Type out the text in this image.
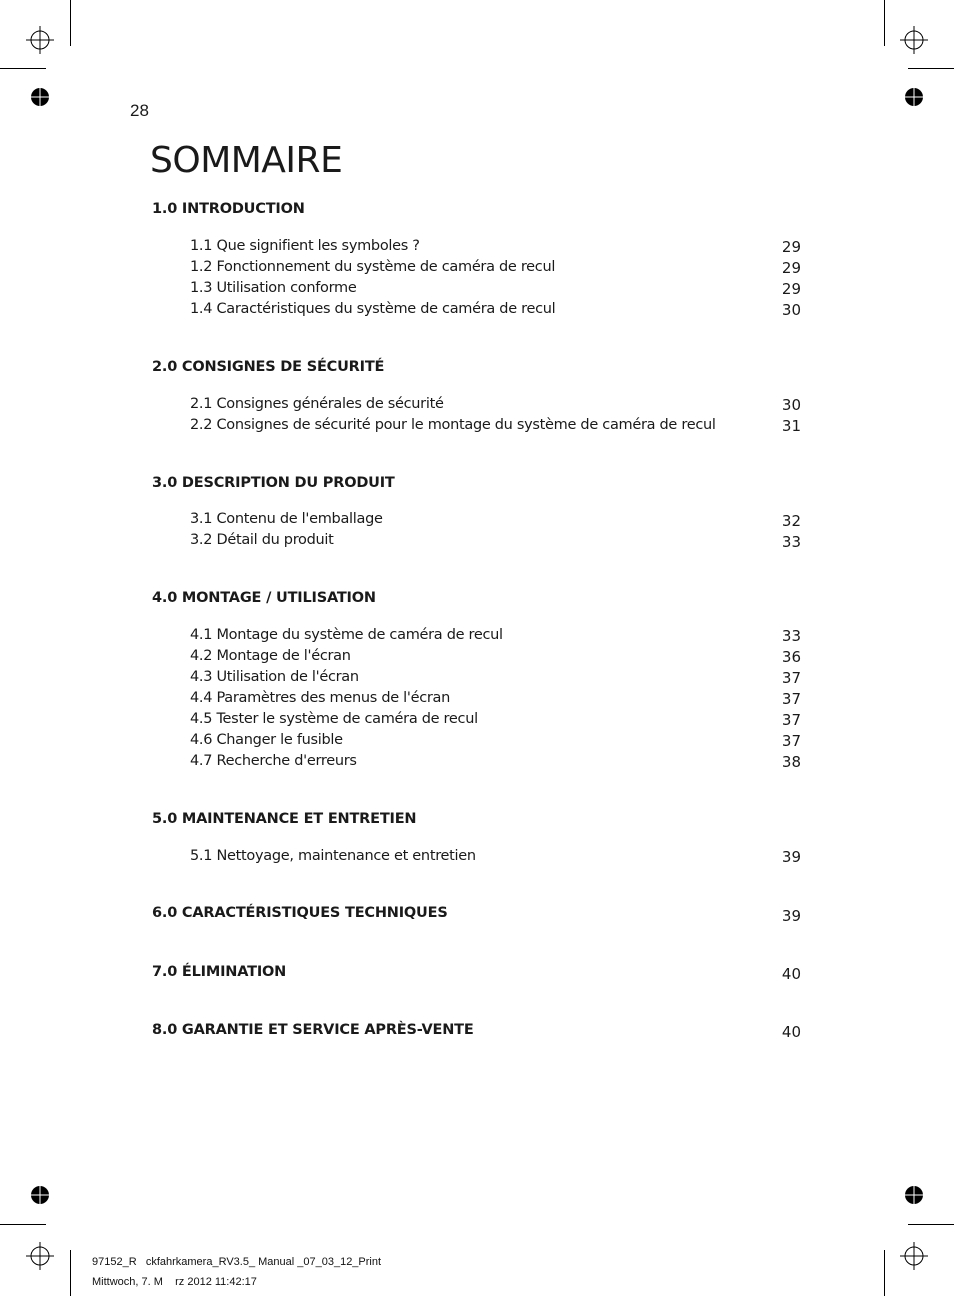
28
SOMMAIRE
1.0 INTRODUCTION
1.1 Que signifient les symboles ?	29
1.2 Fonctionnement du système de caméra de recul	29
1.3 Utilisation conforme	29
1.4 Caractéristiques du système de caméra de recul	30
2.0 CONSIGNES DE SÉCURITÉ
2.1 Consignes générales de sécurité	30
2.2 Consignes de sécurité pour le montage du système de caméra de recul	31
3.0 DESCRIPTION DU PRODUIT
3.1 Contenu de l'emballage	32
3.2 Détail du produit	33
4.0 MONTAGE / UTILISATION
4.1 Montage du système de caméra de recul	33
4.2 Montage de l'écran	36
4.3 Utilisation de l'écran	37
4.4 Paramètres des menus de l'écran	37
4.5 Tester le système de caméra de recul	37
4.6 Changer le fusible	37
4.7 Recherche d'erreurs	38
5.0 MAINTENANCE ET ENTRETIEN
5.1 Nettoyage, maintenance et entretien	39
6.0 CARACTÉRISTIQUES TECHNIQUES	39
7.0 ÉLIMINATION	40
8.0 GARANTIE ET SERVICE APRÈS-VENTE	40
97152_R   ckfahrkamera_RV3.5_ Manual _07_03_12_Print
Mittwoch, 7. M    rz 2012 11:42:17
